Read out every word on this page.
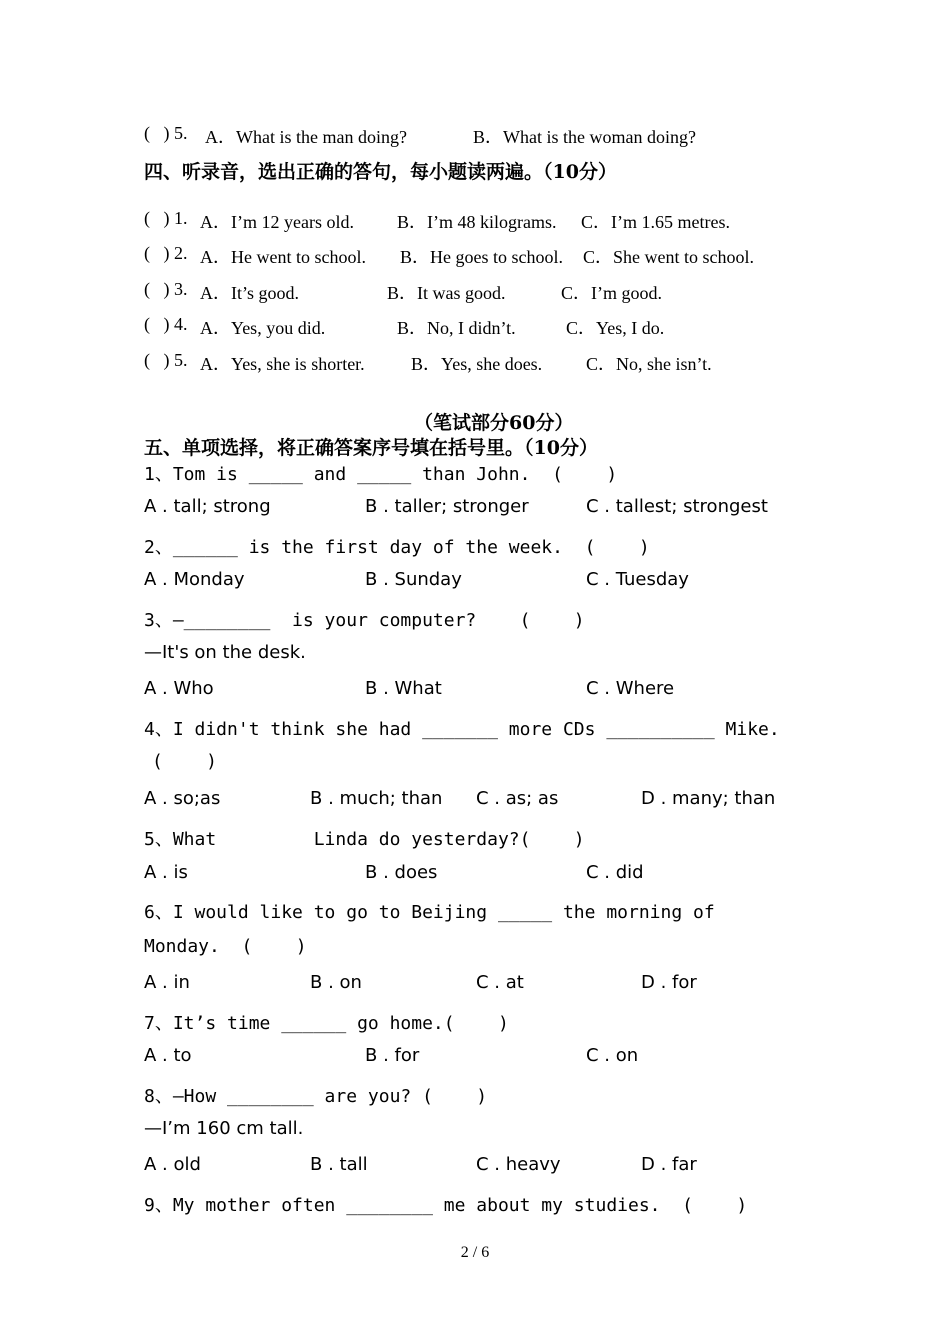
(   ) 5. A．What is the man doing?	B．What is the woman doing?
四、听录音，选出正确的答句，每小题读两遍。（10分）
(   ) 1. A．I’m 12 years old. B．I’m 48 kilograms. C．I’m 1.65 metres.
(   ) 2. A．He went to school. B．He goes to school. C．She went to school.
(   ) 3. A．It’s good.	B．It was good.	C．I’m good.
(   ) 4. A．Yes, you did.	B．No, I didn’t.	C．Yes, I do.
(   ) 5. A．Yes, she is shorter.	B．Yes, she does. C．No, she isn’t.
（笔试部分60分）
五、单项选择，将正确答案序号填在括号里。（10分）
1、Tom is _____ and _____ than John.  (    )
A . tall; strong	B . taller; stronger	C . tallest; strongest
2、______ is the first day of the week.  (    )
A . Monday	B . Sunday	C . Tuesday
3、—________  is your computer?    (    )
—It's on the desk.
A . Who	B . What	C . Where
4、I didn't think she had _______ more CDs __________ Mike.
(    )
A . so;as	B . much; than C . as; as	D . many; than
5、What         Linda do yesterday?(    )
A . is	B . does	C . did
6、I would like to go to Beijing _____ the morning of
Monday.  (    )
A . in	B . on	C . at	D . for
7、It’s time ______ go home.(    )
A . to	B . for	C . on
8、—How ________ are you? (    )
—I’m 160 cm tall.
A . old	B . tall	C . heavy	D . far
9、My mother often ________ me about my studies.  (    )
2 / 6
